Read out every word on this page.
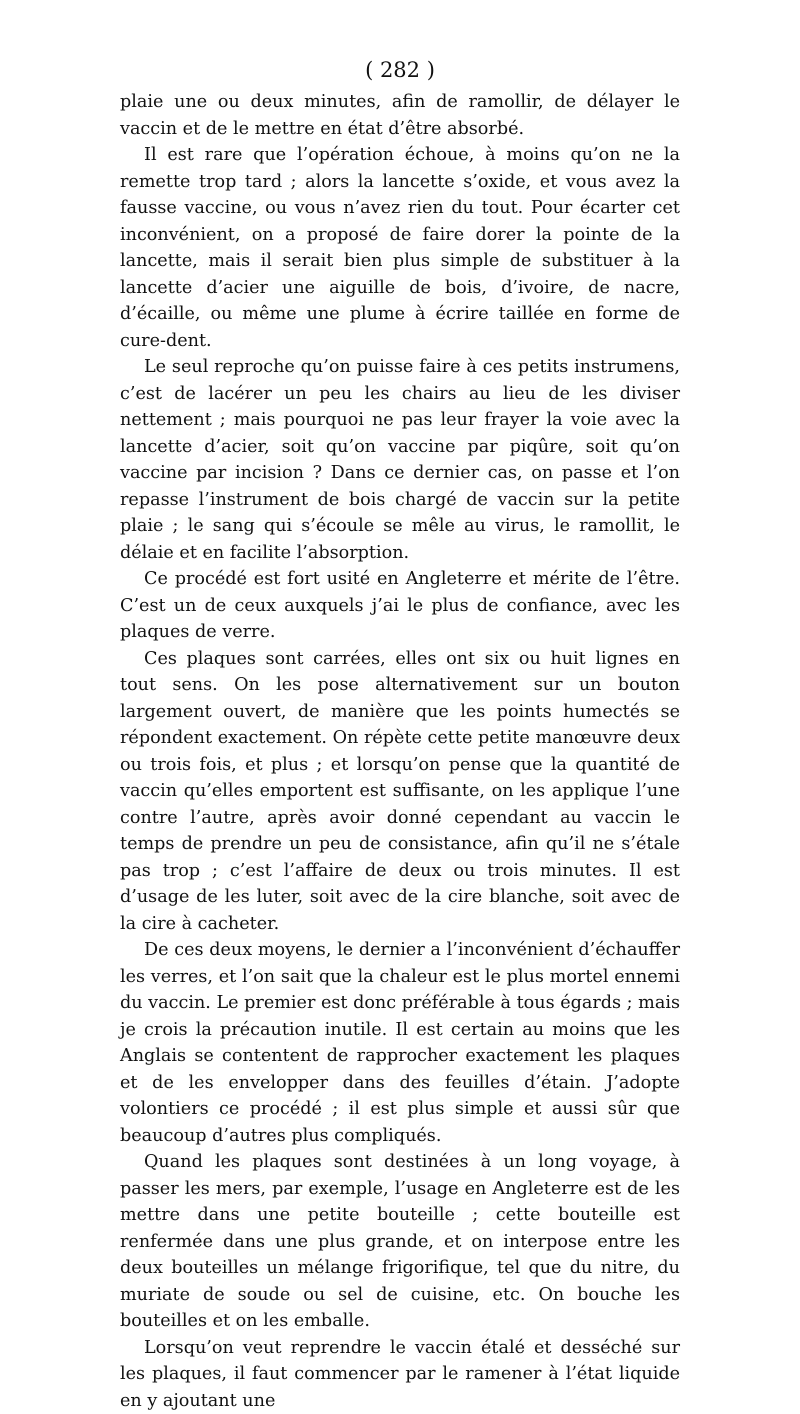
( 282 )

plaie une ou deux minutes, afin de ramollir, de délayer le vaccin et de le mettre en état d’être absorbé.

Il est rare que l’opération échoue, à moins qu’on ne la remette trop tard ; alors la lancette s’oxide, et vous avez la fausse vaccine, ou vous n’avez rien du tout. Pour écarter cet inconvénient, on a proposé de faire dorer la pointe de la lancette, mais il serait bien plus simple de substituer à la lancette d’acier une aiguille de bois, d’ivoire, de nacre, d’écaille, ou même une plume à écrire taillée en forme de cure-dent.

Le seul reproche qu’on puisse faire à ces petits instrumens, c’est de lacérer un peu les chairs au lieu de les diviser nettement ; mais pourquoi ne pas leur frayer la voie avec la lancette d’acier, soit qu’on vaccine par piqûre, soit qu’on vaccine par incision ? Dans ce dernier cas, on passe et l’on repasse l’instrument de bois chargé de vaccin sur la petite plaie ; le sang qui s’écoule se mêle au virus, le ramollit, le délaie et en facilite l’absorption.

Ce procédé est fort usité en Angleterre et mérite de l’être. C’est un de ceux auxquels j’ai le plus de confiance, avec les plaques de verre.

Ces plaques sont carrées, elles ont six ou huit lignes en tout sens. On les pose alternativement sur un bouton largement ouvert, de manière que les points humectés se répondent exactement. On répète cette petite manœuvre deux ou trois fois, et plus ; et lorsqu’on pense que la quantité de vaccin qu’elles emportent est suffisante, on les applique l’une contre l’autre, après avoir donné cependant au vaccin le temps de prendre un peu de consistance, afin qu’il ne s’étale pas trop ; c’est l’affaire de deux ou trois minutes. Il est d’usage de les luter, soit avec de la cire blanche, soit avec de la cire à cacheter.

De ces deux moyens, le dernier a l’inconvénient d’échauffer les verres, et l’on sait que la chaleur est le plus mortel ennemi du vaccin. Le premier est donc préférable à tous égards ; mais je crois la précaution inutile. Il est certain au moins que les Anglais se contentent de rapprocher exactement les plaques et de les envelopper dans des feuilles d’étain. J’adopte volontiers ce procédé ; il est plus simple et aussi sûr que beaucoup d’autres plus compliqués.

Quand les plaques sont destinées à un long voyage, à passer les mers, par exemple, l’usage en Angleterre est de les mettre dans une petite bouteille ; cette bouteille est renfermée dans une plus grande, et on interpose entre les deux bouteilles un mélange frigorifique, tel que du nitre, du muriate de soude ou sel de cuisine, etc. On bouche les bouteilles et on les emballe.

Lorsqu’on veut reprendre le vaccin étalé et desséché sur les plaques, il faut commencer par le ramener à l’état liquide en y ajoutant une
